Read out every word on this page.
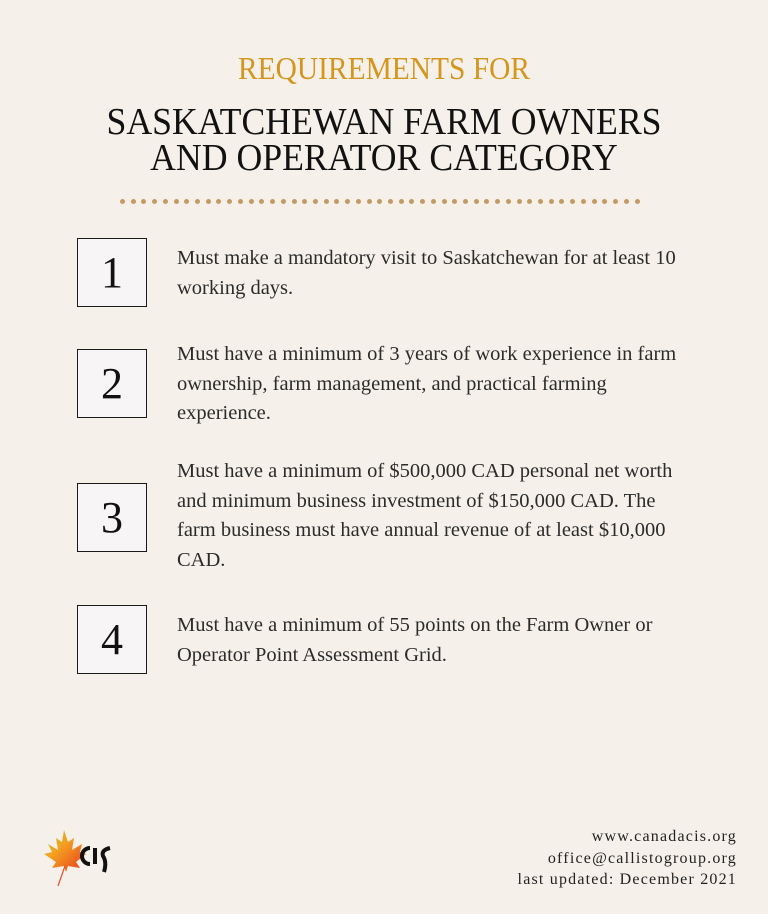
REQUIREMENTS FOR
SASKATCHEWAN FARM OWNERS
AND OPERATOR CATEGORY
1	Must make a mandatory visit to Saskatchewan for at least 10 working days.
2
Must have a minimum of 3 years of work experience in farm ownership, farm management, and practical farming experience.
3
Must have a minimum of $500,000 CAD personal net worth and minimum business investment of $150,000 CAD. The farm business must have annual revenue of at least $10,000 CAD.
4	Must have a minimum of 55 points on the Farm Owner or Operator Point Assessment Grid.
www.canadacis.org
office@callistogroup.org
last updated: December 2021
